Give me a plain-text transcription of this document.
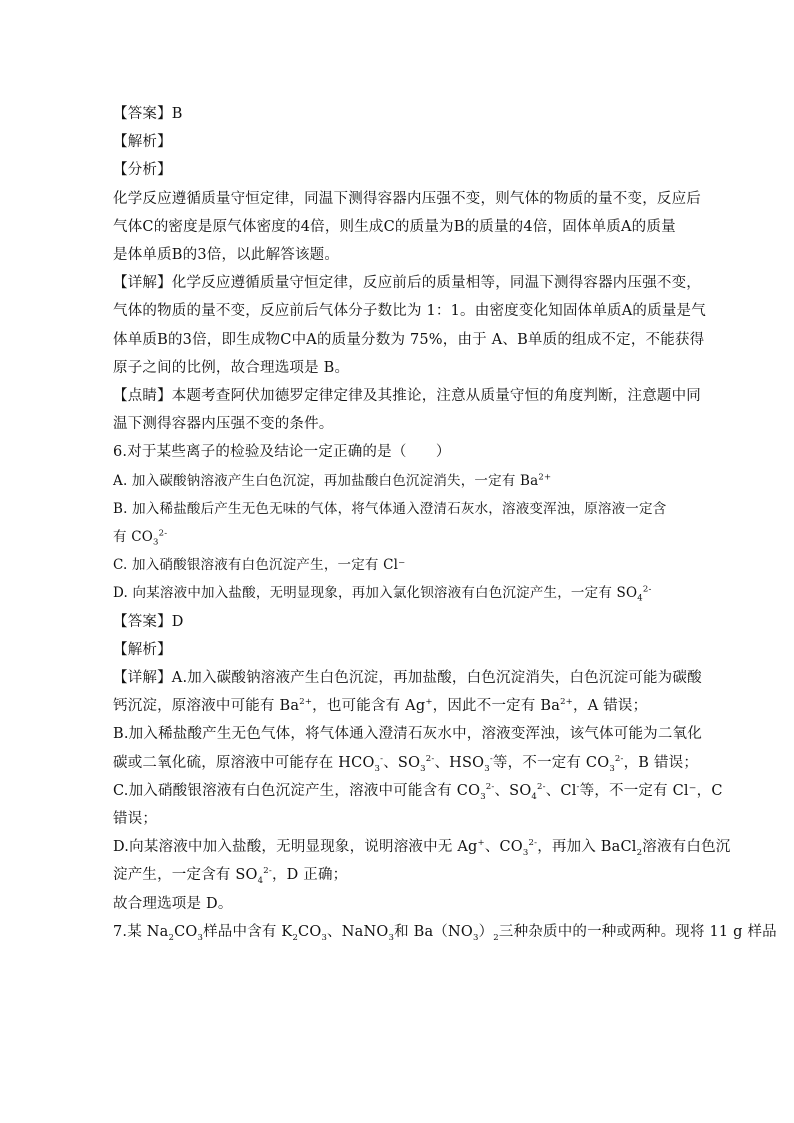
【答案】B
【解析】
【分析】
化学反应遵循质量守恒定律，同温下测得容器内压强不变，则气体的物质的量不变，反应后
气体C的密度是原气体密度的4倍，则生成C的质量为B的质量的4倍，固体单质A的质量
是体单质B的3倍，以此解答该题。
【详解】化学反应遵循质量守恒定律，反应前后的质量相等，同温下测得容器内压强不变，
气体的物质的量不变，反应前后气体分子数比为 1：1。由密度变化知固体单质A的质量是气
体单质B的3倍，即生成物C中A的质量分数为 75%，由于 A、B单质的组成不定，不能获得
原子之间的比例，故合理选项是 B。
【点睛】本题考查阿伏加德罗定律定律及其推论，注意从质量守恒的角度判断，注意题中同
温下测得容器内压强不变的条件。
6.对于某些离子的检验及结论一定正确的是（　　）
A. 加入碳酸钠溶液产生白色沉淀，再加盐酸白色沉淀消失，一定有 $Ba^{2+}$
B. 加入稀盐酸后产生无色无味的气体，将气体通入澄清石灰水，溶液变浑浊，原溶液一定含
有 $CO_3^{2-}$
C. 加入硝酸银溶液有白色沉淀产生，一定有 Cl⁻
D. 向某溶液中加入盐酸，无明显现象，再加入氯化钡溶液有白色沉淀产生，一定有 $SO_4^{2-}$
【答案】D
【解析】
【详解】A.加入碳酸钠溶液产生白色沉淀，再加盐酸，白色沉淀消失，白色沉淀可能为碳酸
钙沉淀，原溶液中可能有 $Ba^{2+}$，也可能含有 Ag+，因此不一定有 $Ba^{2+}$，A 错误；
B.加入稀盐酸产生无色气体，将气体通入澄清石灰水中，溶液变浑浊，该气体可能为二氧化
碳或二氧化硫，原溶液中可能存在 $HCO_3^-$、$SO_3^{2-}$、$HSO_3^-$等，不一定有 $CO_3^{2-}$，B 错误；
C.加入硝酸银溶液有白色沉淀产生，溶液中可能含有 $CO_3^{2-}$、$SO_4^{2-}$、Cl-等，不一定有 Cl⁻，C
错误；
D.向某溶液中加入盐酸，无明显现象，说明溶液中无 Ag+、$CO_3^{2-}$，再加入 BaCl$_2$溶液有白色沉
淀产生，一定含有 $SO_4^{2-}$，D 正确；
故合理选项是 D。
7.某 $Na_2CO_3$样品中含有 $K_2CO_3$、NaNO$_3$和 $Ba(NO_3)_2$三种杂质中的一种或两种。现将 11 g 样品
